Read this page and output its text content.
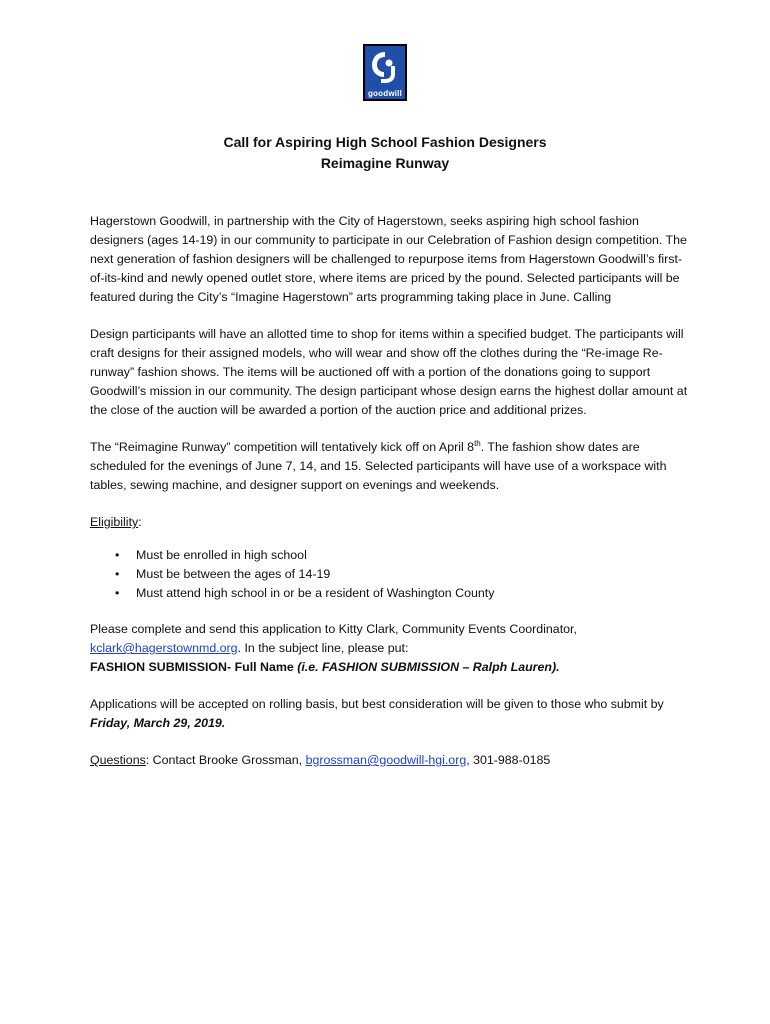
goodwill
Call for Aspiring High School Fashion Designers
Reimagine Runway

Hagerstown Goodwill, in partnership with the City of Hagerstown, seeks aspiring high school fashion designers (ages 14-19) in our community to participate in our Celebration of Fashion design competition. The next generation of fashion designers will be challenged to repurpose items from Hagerstown Goodwill’s first-of-its-kind and newly opened outlet store, where items are priced by the pound. Selected participants will be featured during the City’s “Imagine Hagerstown” arts programming taking place in June. Calling

Design participants will have an allotted time to shop for items within a specified budget. The participants will craft designs for their assigned models, who will wear and show off the clothes during the “Re-image Re-runway” fashion shows. The items will be auctioned off with a portion of the donations going to support Goodwill’s mission in our community. The design participant whose design earns the highest dollar amount at the close of the auction will be awarded a portion of the auction price and additional prizes.

The “Reimagine Runway” competition will tentatively kick off on April 8th. The fashion show dates are scheduled for the evenings of June 7, 14, and 15. Selected participants will have use of a workspace with tables, sewing machine, and designer support on evenings and weekends.

Eligibility:
• Must be enrolled in high school
• Must be between the ages of 14-19
• Must attend high school in or be a resident of Washington County

Please complete and send this application to Kitty Clark, Community Events Coordinator,
kclark@hagerstownmd.org. In the subject line, please put:
FASHION SUBMISSION- Full Name (i.e. FASHION SUBMISSION – Ralph Lauren).

Applications will be accepted on rolling basis, but best consideration will be given to those who submit by Friday, March 29, 2019.

Questions: Contact Brooke Grossman, bgrossman@goodwill-hgi.org, 301-988-0185
